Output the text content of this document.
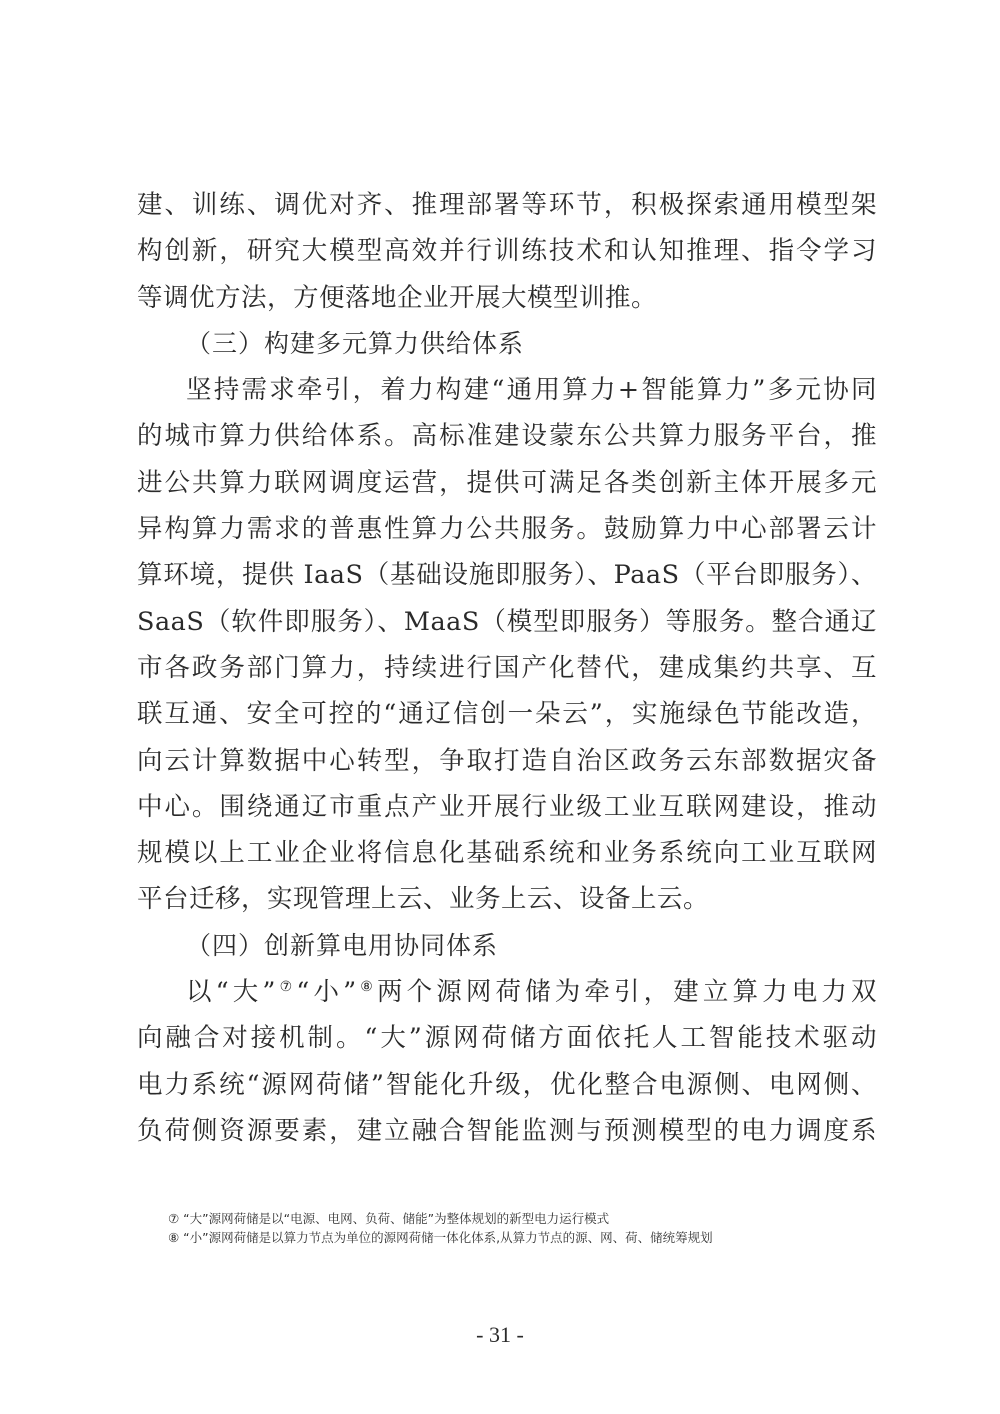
建、训练、调优对齐、推理部署等环节，积极探索通用模型架
构创新，研究大模型高效并行训练技术和认知推理、指令学习
等调优方法，方便落地企业开展大模型训推。
（三）构建多元算力供给体系
坚持需求牵引，着力构建“通用算力+智能算力”多元协同
的城市算力供给体系。高标准建设蒙东公共算力服务平台，推
进公共算力联网调度运营，提供可满足各类创新主体开展多元
异构算力需求的普惠性算力公共服务。鼓励算力中心部署云计
算环境，提供 IaaS（基础设施即服务）、PaaS（平台即服务）、
SaaS（软件即服务）、MaaS（模型即服务）等服务。整合通辽
市各政务部门算力，持续进行国产化替代，建成集约共享、互
联互通、安全可控的“通辽信创一朵云”，实施绿色节能改造，
向云计算数据中心转型，争取打造自治区政务云东部数据灾备
中心。围绕通辽市重点产业开展行业级工业互联网建设，推动
规模以上工业企业将信息化基础系统和业务系统向工业互联网
平台迁移，实现管理上云、业务上云、设备上云。
（四）创新算电用协同体系
以“大”⑦“小”⑧两个源网荷储为牵引，建立算力电力双
向融合对接机制。“大”源网荷储方面依托人工智能技术驱动
电力系统“源网荷储”智能化升级，优化整合电源侧、电网侧、
负荷侧资源要素，建立融合智能监测与预测模型的电力调度系
⑦ “大”源网荷储是以“电源、电网、负荷、储能”为整体规划的新型电力运行模式
⑧ “小”源网荷储是以算力节点为单位的源网荷储一体化体系,从算力节点的源、网、荷、储统筹规划
- 31 -
